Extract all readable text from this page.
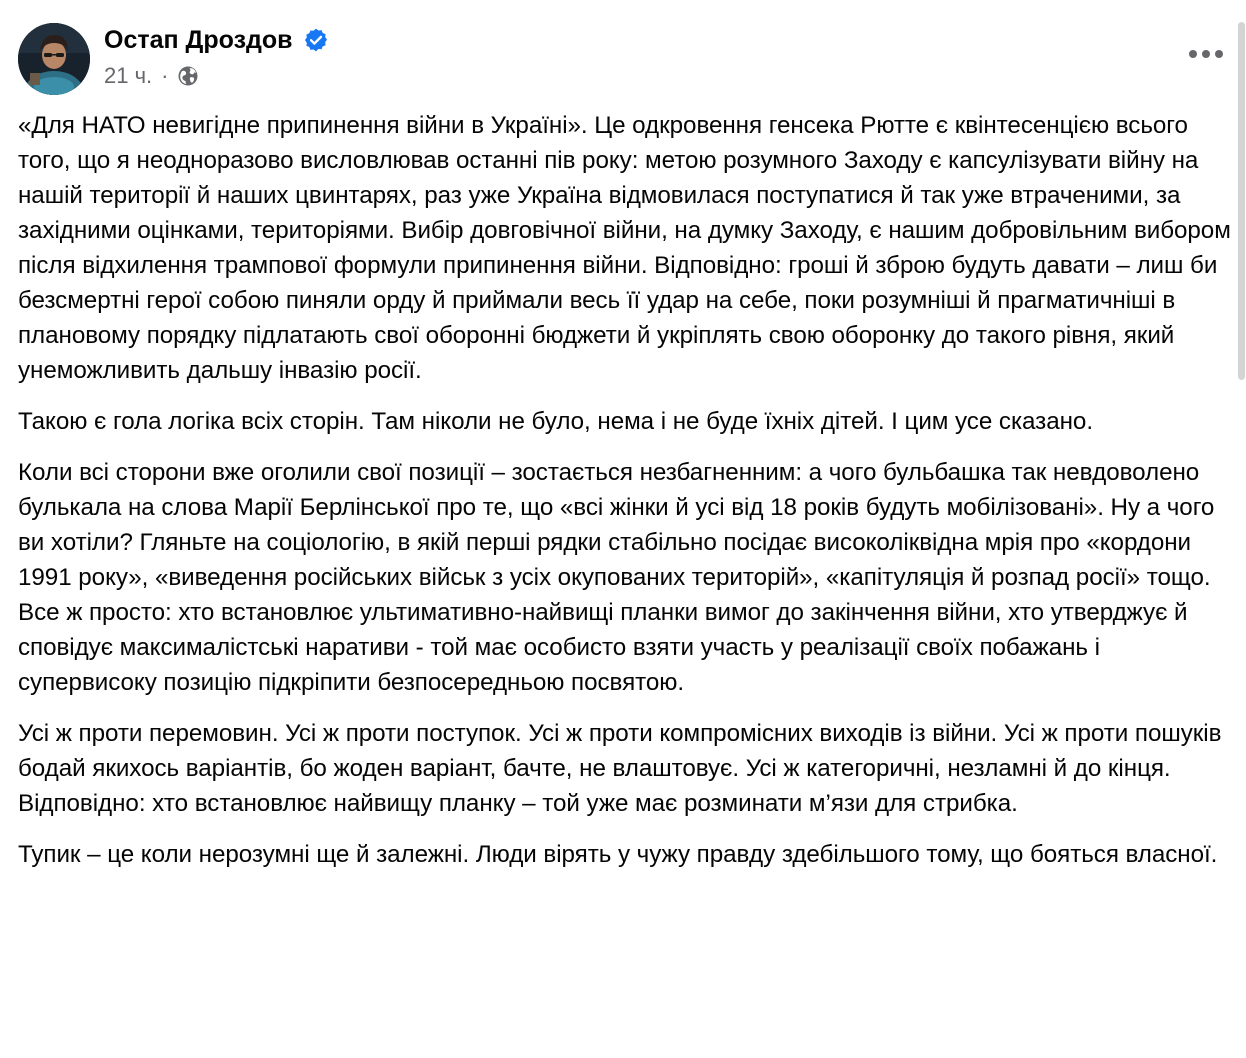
Остап Дроздов
21 ч. ·

«Для НАТО невигідне припинення війни в Україні». Це одкровення генсека Рютте є квінтесенцією всього того, що я неодноразово висловлював останні пів року: метою розумного Заходу є капсулізувати війну на нашій території й наших цвинтарях, раз уже Україна відмовилася поступатися й так уже втраченими, за західними оцінками, територіями. Вибір довговічної війни, на думку Заходу, є нашим добровільним вибором після відхилення трампової формули припинення війни. Відповідно: гроші й зброю будуть давати – лиш би безсмертні герої собою пиняли орду й приймали весь її удар на себе, поки розумніші й прагматичніші в плановому порядку підлатають свої оборонні бюджети й укріплять свою оборонку до такого рівня, який унеможливить дальшу інвазію росії.

Такою є гола логіка всіх сторін. Там ніколи не було, нема і не буде їхніх дітей. І цим усе сказано.

Коли всі сторони вже оголили свої позиції – зостається незбагненним: а чого бульбашка так невдоволено булькала на слова Марії Берлінської про те, що «всі жінки й усі від 18 років будуть мобілізовані». Ну а чого ви хотіли? Гляньте на соціологію, в якій перші рядки стабільно посідає високоліквідна мрія про «кордони 1991 року», «виведення російських військ з усіх окупованих територій», «капітуляція й розпад росії» тощо. Все ж просто: хто встановлює ультимативно-найвищі планки вимог до закінчення війни, хто утверджує й сповідує максималістські наративи - той має особисто взяти участь у реалізації своїх побажань і супервисоку позицію підкріпити безпосередньою посвятою.

Усі ж проти перемовин. Усі ж проти поступок. Усі ж проти компромісних виходів із війни. Усі ж проти пошуків бодай якихось варіантів, бо жоден варіант, бачте, не влаштовує. Усі ж категоричні, незламні й до кінця. Відповідно: хто встановлює найвищу планку – той уже має розминати м’язи для стрибка.

Тупик – це коли нерозумні ще й залежні. Люди вірять у чужу правду здебільшого тому, що бояться власної.
